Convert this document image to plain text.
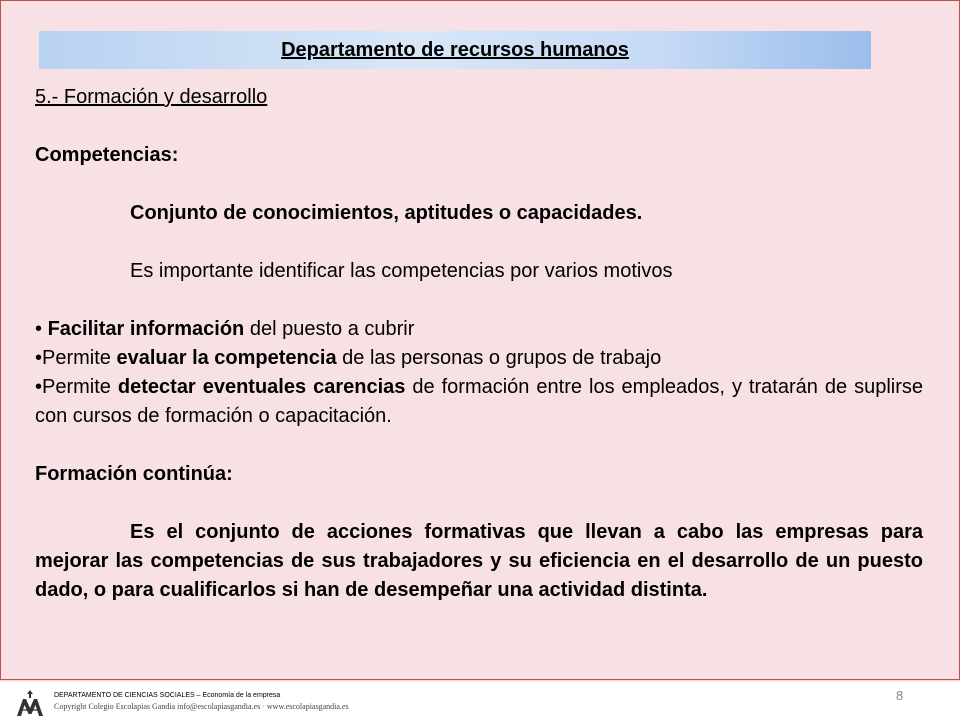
Departamento de recursos humanos

5.- Formación y desarrollo

Competencias:

Conjunto de conocimientos, aptitudes o capacidades.

Es importante identificar las competencias por varios motivos

• Facilitar información del puesto a cubrir

•Permite evaluar la competencia de las personas o grupos de trabajo

•Permite detectar eventuales carencias de formación entre los empleados, y tratarán de suplirse con cursos de formación o capacitación.

Formación continúa:

Es el conjunto de acciones formativas que llevan a cabo las empresas para mejorar las competencias de sus trabajadores y su eficiencia en el desarrollo de un puesto dado, o para cualificarlos si han de desempeñar una actividad distinta.

DEPARTAMENTO DE CIENCIAS SOCIALES – Economía de la empresa
Copyright Colegio Escolapias Gandia info@escolapiasgandia.es · www.escolapiasgandia.es
8
